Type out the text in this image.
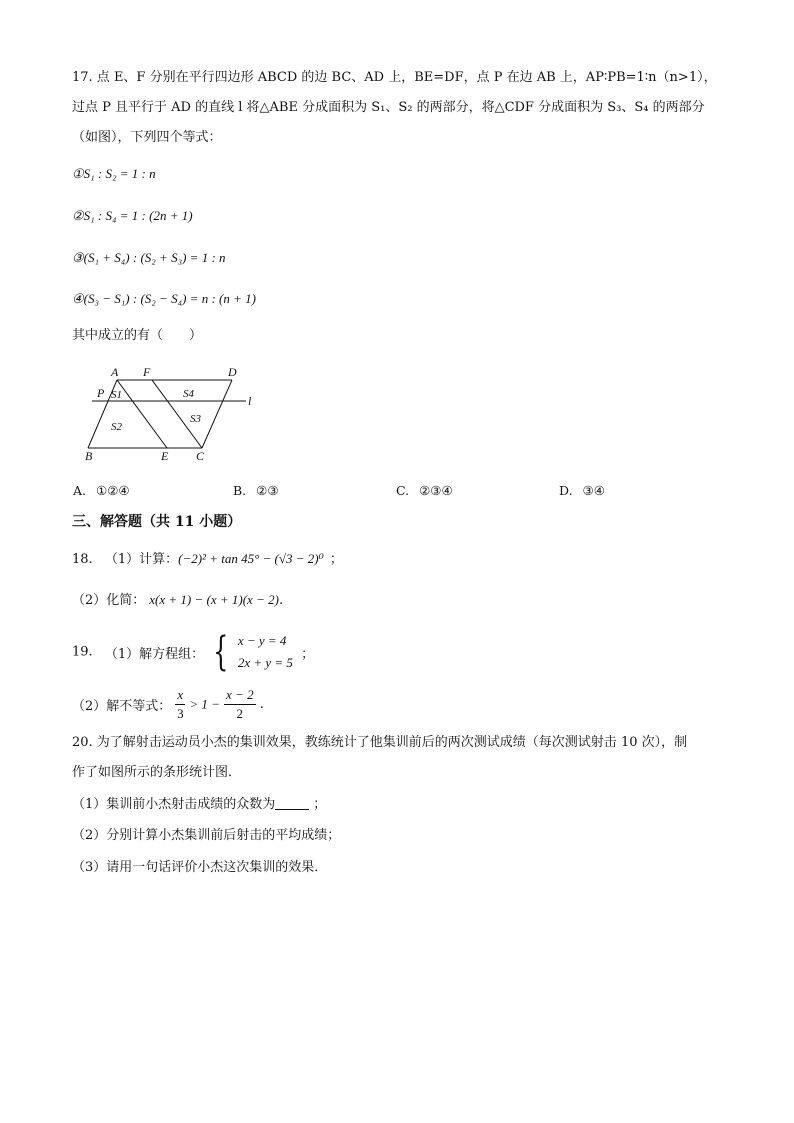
17. 点 E、F 分别在平行四边形 ABCD 的边 BC、AD 上，BE=DF，点 P 在边 AB 上，AP∶PB=1∶n（n>1），
过点 P 且平行于 AD 的直线 l 将△ABE 分成面积为 S₁、S₂ 的两部分，将△CDF 分成面积为 S₃、S₄ 的两部分
（如图），下列四个等式：
①S₁ : S₂ = 1 : n
②S₁ : S₄ = 1 : (2n + 1)
③(S₁ + S₄) : (S₂ + S₃) = 1 : n
④(S₃ − S₁) : (S₂ − S₄) = n : (n + 1)
其中成立的有（　　）
A F	D
P S1	S4	l
S3
S2
B	E C
A. ①②④	B. ②③	C. ②③④	D. ③④
三、解答题（共 11 小题）
18. （1）计算：(−2)² + tan 45° − (√3 − 2)⁰ ；
（2）化简： x(x + 1) − (x + 1)(x − 2).
19. （1）解方程组： { x − y = 4
2x + y = 5
；
（2）解不等式： $\frac{x}{3} > 1 - \frac{x - 2}{2}$ .
20. 为了解射击运动员小杰的集训效果，教练统计了他集训前后的两次测试成绩（每次测试射击 10 次），制
作了如图所示的条形统计图．
（1）集训前小杰射击成绩的众数为	；
（2）分别计算小杰集训前后射击的平均成绩；
（3）请用一句话评价小杰这次集训的效果．
